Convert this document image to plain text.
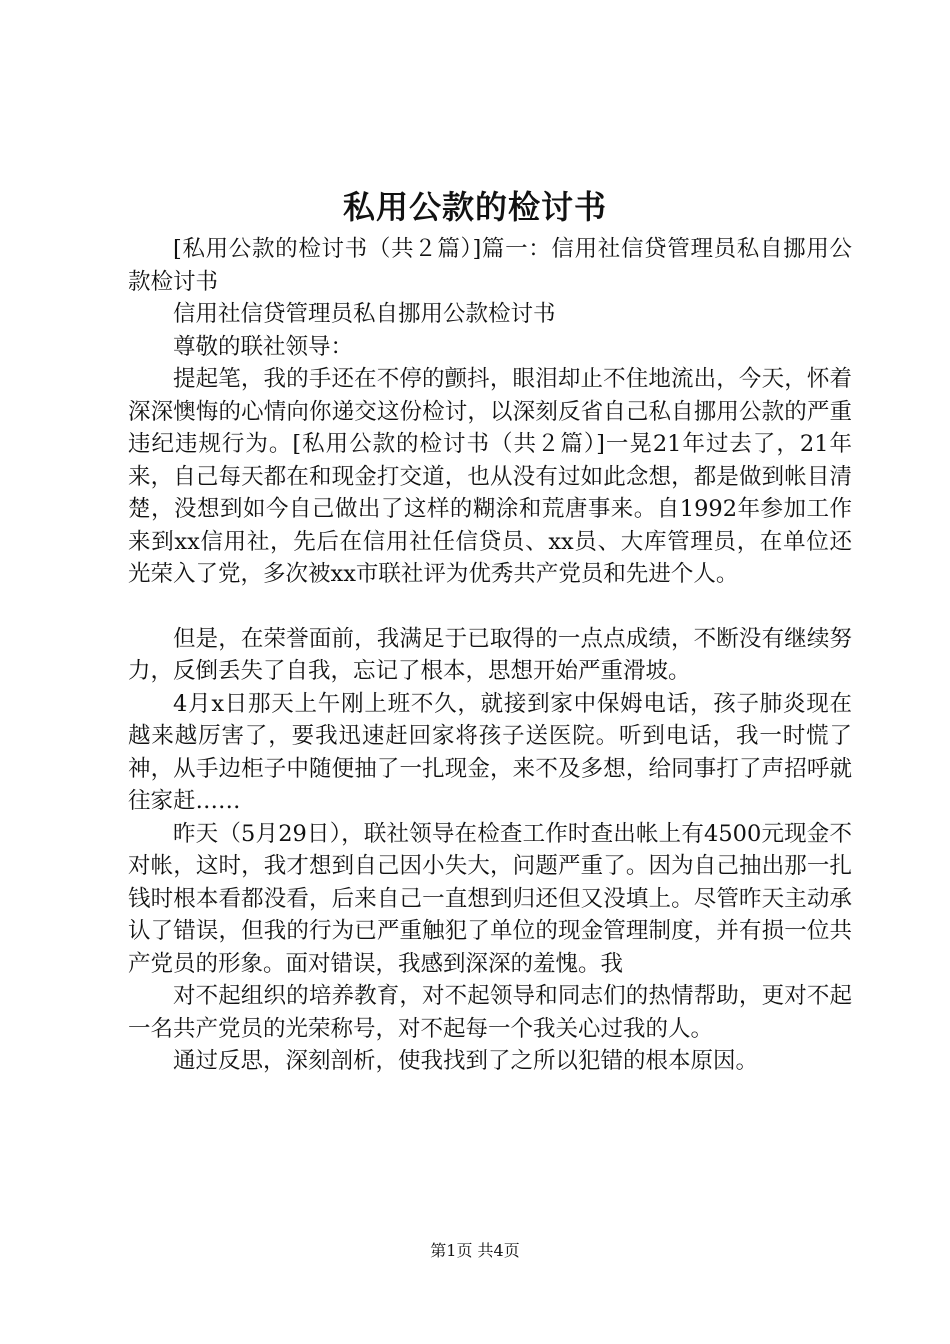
私用公款的检讨书

[私用公款的检讨书（共２篇）]篇一：信用社信贷管理员私自挪用公款检讨书

信用社信贷管理员私自挪用公款检讨书

尊敬的联社领导：

提起笔，我的手还在不停的颤抖，眼泪却止不住地流出，今天，怀着深深懊悔的心情向你递交这份检讨，以深刻反省自己私自挪用公款的严重违纪违规行为。[私用公款的检讨书（共２篇）]一晃21年过去了，21年来，自己每天都在和现金打交道，也从没有过如此念想，都是做到帐目清楚，没想到如今自己做出了这样的糊涂和荒唐事来。自1992年参加工作来到xx信用社，先后在信用社任信贷员、xx员、大库管理员，在单位还光荣入了党，多次被xx市联社评为优秀共产党员和先进个人。

但是，在荣誉面前，我满足于已取得的一点点成绩，不断没有继续努力，反倒丢失了自我，忘记了根本，思想开始严重滑坡。

4月x日那天上午刚上班不久，就接到家中保姆电话，孩子肺炎现在越来越厉害了，要我迅速赶回家将孩子送医院。听到电话，我一时慌了神，从手边柜子中随便抽了一扎现金，来不及多想，给同事打了声招呼就往家赶……

昨天（5月29日），联社领导在检查工作时查出帐上有4500元现金不对帐，这时，我才想到自己因小失大，问题严重了。因为自己抽出那一扎钱时根本看都没看，后来自己一直想到归还但又没填上。尽管昨天主动承认了错误，但我的行为已严重触犯了单位的现金管理制度，并有损一位共产党员的形象。面对错误，我感到深深的羞愧。我

对不起组织的培养教育，对不起领导和同志们的热情帮助，更对不起一名共产党员的光荣称号，对不起每一个我关心过我的人。

通过反思，深刻剖析，使我找到了之所以犯错的根本原因。

第1页 共4页
